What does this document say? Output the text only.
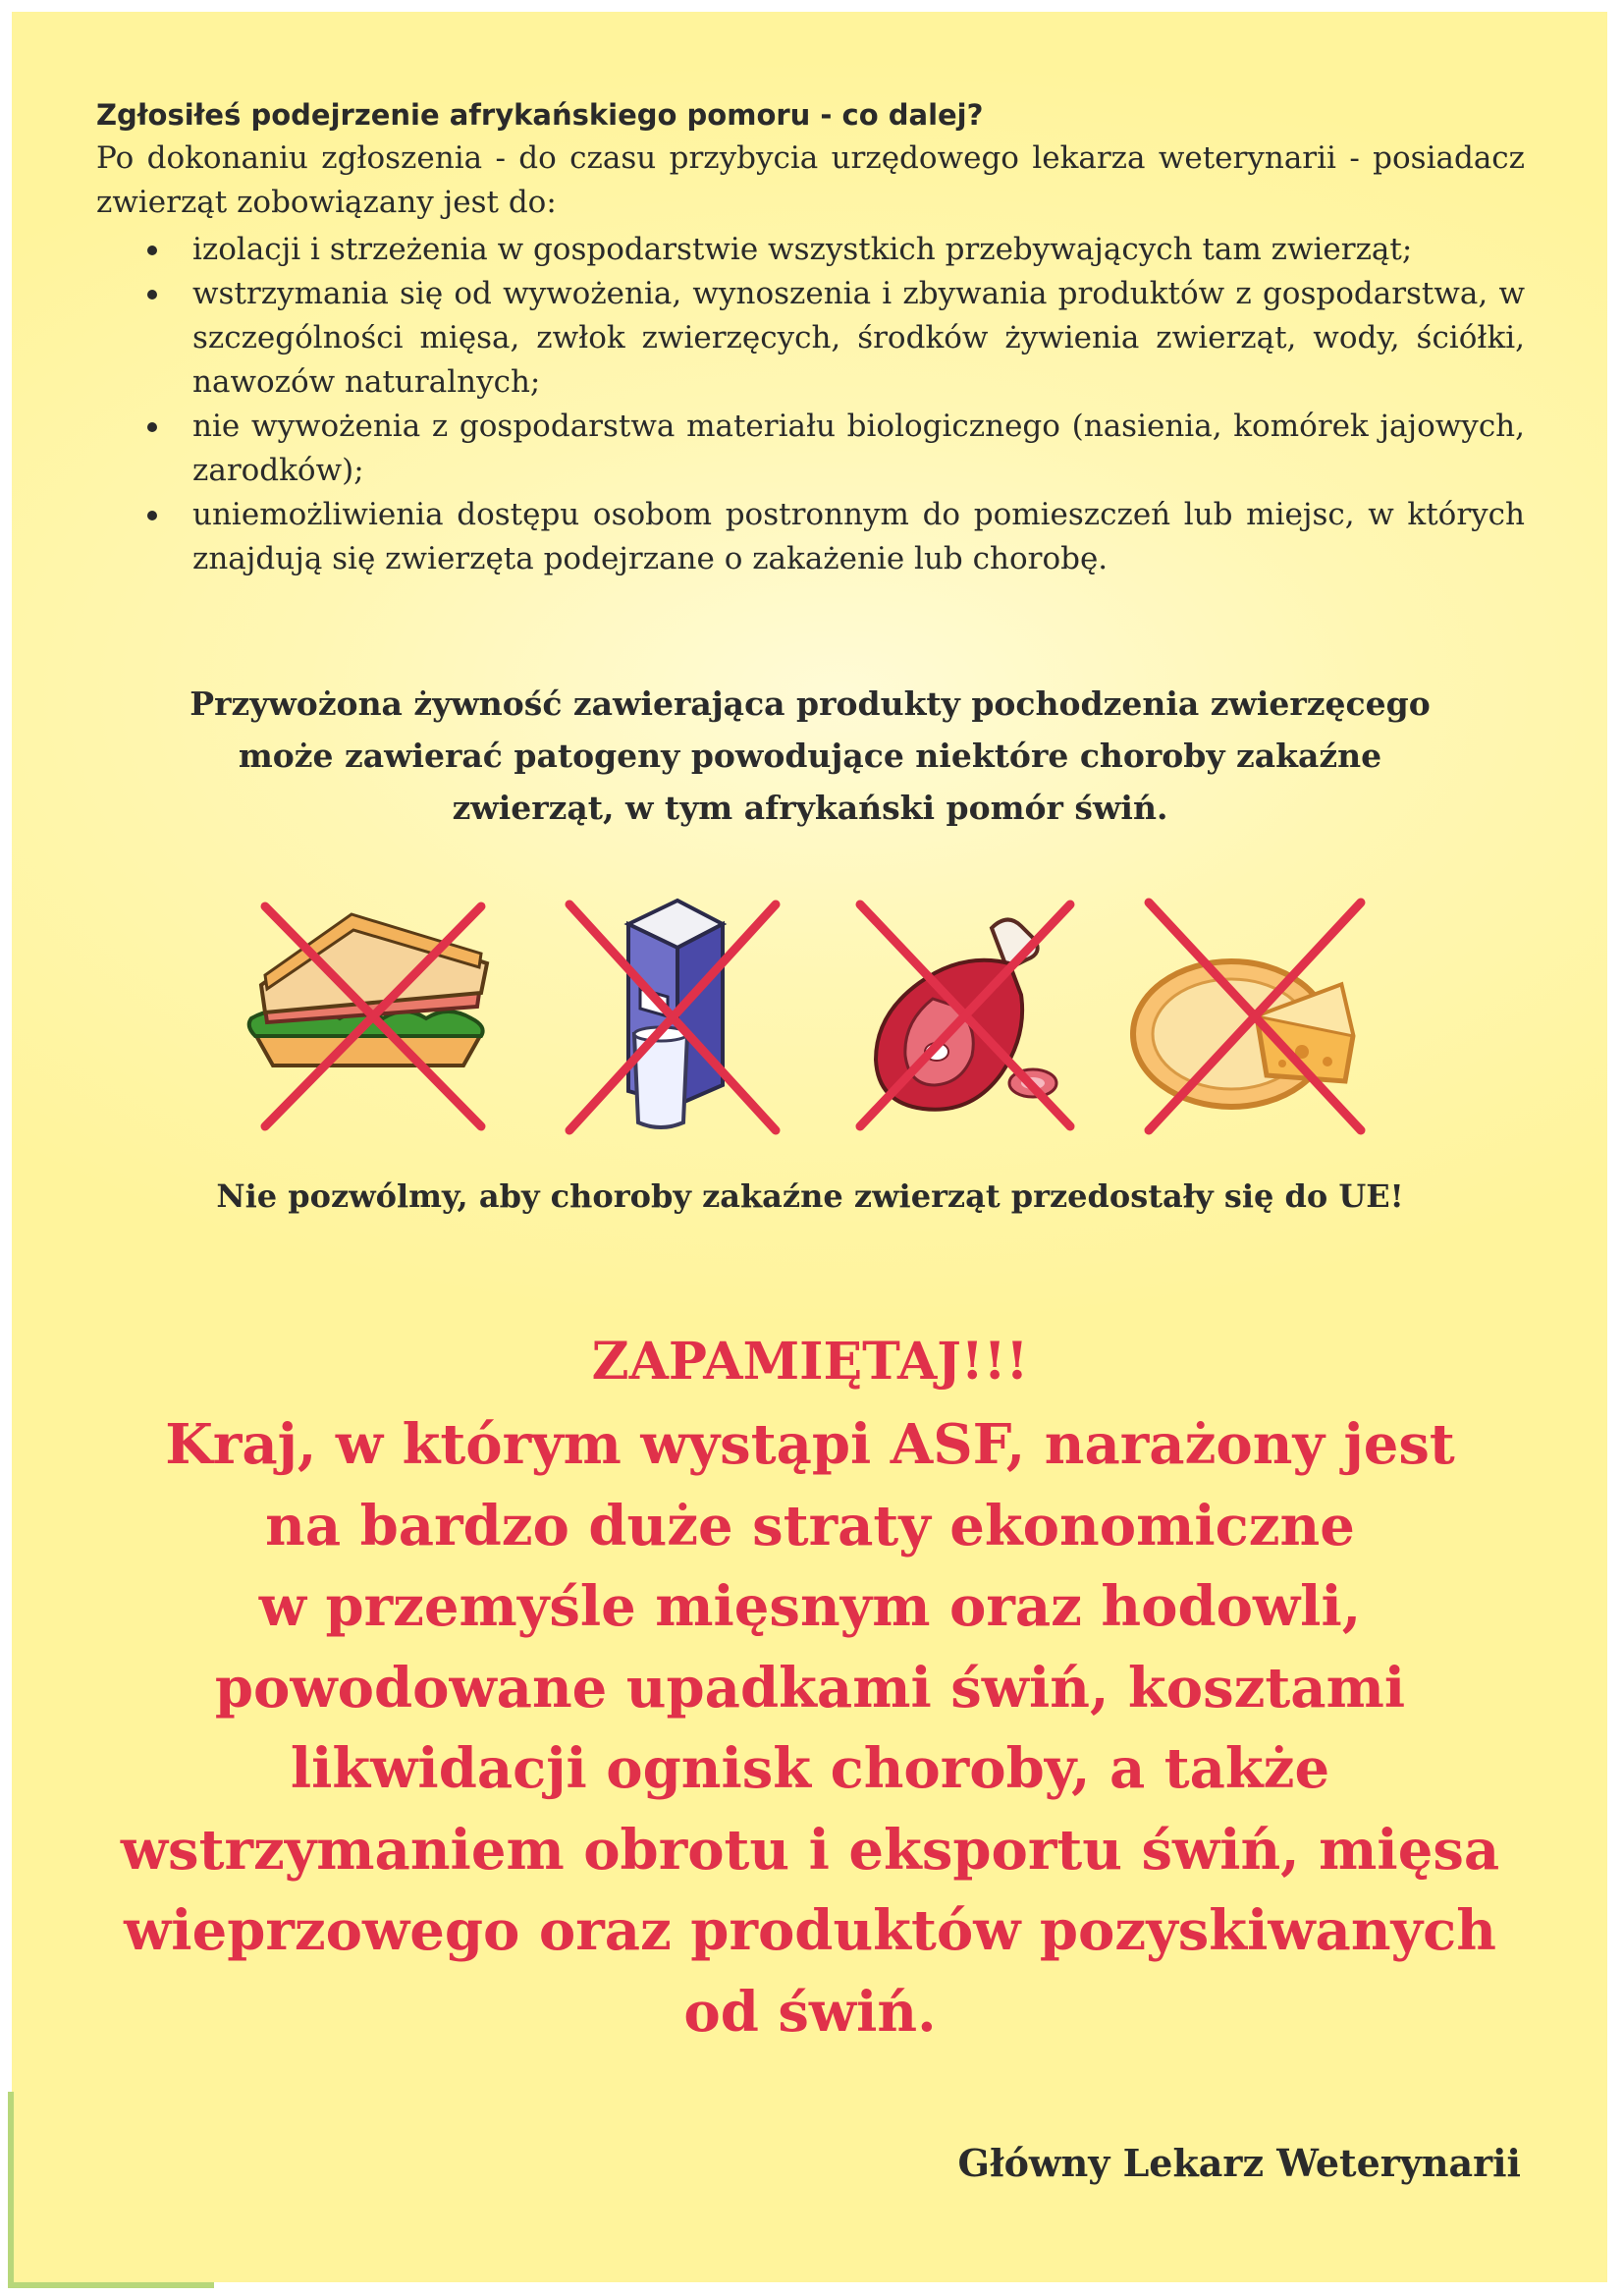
Zgłosiłeś podejrzenie afrykańskiego pomoru - co dalej?
Po dokonaniu zgłoszenia - do czasu przybycia urzędowego lekarza weterynarii - posiadacz zwierząt zobowiązany jest do:
izolacji i strzeżenia w gospodarstwie wszystkich przebywających tam zwierząt;
wstrzymania się od wywożenia, wynoszenia i zbywania produktów z gospodarstwa, w szczególności mięsa, zwłok zwierzęcych, środków żywienia zwierząt, wody, ściółki, nawozów naturalnych;
nie wywożenia z gospodarstwa materiału biologicznego (nasienia, komórek jajowych, zarodków);
uniemożliwienia dostępu osobom postronnym do pomieszczeń lub miejsc, w których znajdują się zwierzęta podejrzane o zakażenie lub chorobę.
Przywożona żywność zawierająca produkty pochodzenia zwierzęcego
może zawierać patogeny powodujące niektóre choroby zakaźne
zwierząt, w tym afrykański pomór świń.
Nie pozwólmy, aby choroby zakaźne zwierząt przedostały się do UE!
ZAPAMIĘTAJ!!!
Kraj, w którym wystąpi ASF, narażony jest
na bardzo duże straty ekonomiczne
w przemyśle mięsnym oraz hodowli,
powodowane upadkami świń, kosztami
likwidacji ognisk choroby, a także
wstrzymaniem obrotu i eksportu świń, mięsa
wieprzowego oraz produktów pozyskiwanych
od świń.
Główny Lekarz Weterynarii
